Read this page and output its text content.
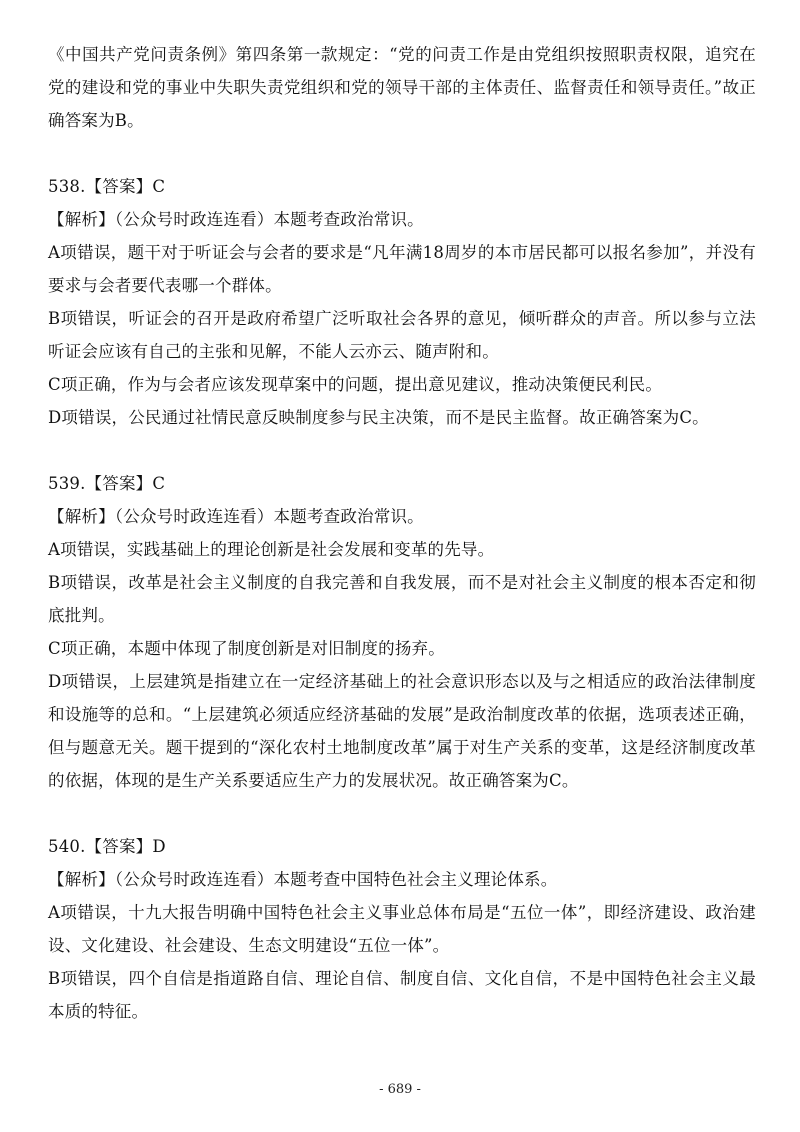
《中国共产党问责条例》第四条第一款规定：“党的问责工作是由党组织按照职责权限，追究在党的建设和党的事业中失职失责党组织和党的领导干部的主体责任、监督责任和领导责任。”故正确答案为B。

538.【答案】C

【解析】（公众号时政连连看）本题考查政治常识。

A项错误，题干对于听证会与会者的要求是“凡年满18周岁的本市居民都可以报名参加”，并没有要求与会者要代表哪一个群体。

B项错误，听证会的召开是政府希望广泛听取社会各界的意见，倾听群众的声音。所以参与立法听证会应该有自己的主张和见解，不能人云亦云、随声附和。

C项正确，作为与会者应该发现草案中的问题，提出意见建议，推动决策便民利民。

D项错误，公民通过社情民意反映制度参与民主决策，而不是民主监督。故正确答案为C。

539.【答案】C

【解析】（公众号时政连连看）本题考查政治常识。

A项错误，实践基础上的理论创新是社会发展和变革的先导。

B项错误，改革是社会主义制度的自我完善和自我发展，而不是对社会主义制度的根本否定和彻底批判。

C项正确，本题中体现了制度创新是对旧制度的扬弃。

D项错误，上层建筑是指建立在一定经济基础上的社会意识形态以及与之相适应的政治法律制度和设施等的总和。“上层建筑必须适应经济基础的发展”是政治制度改革的依据，选项表述正确，但与题意无关。题干提到的“深化农村土地制度改革”属于对生产关系的变革，这是经济制度改革的依据，体现的是生产关系要适应生产力的发展状况。故正确答案为C。

540.【答案】D

【解析】（公众号时政连连看）本题考查中国特色社会主义理论体系。

A项错误，十九大报告明确中国特色社会主义事业总体布局是“五位一体”，即经济建设、政治建设、文化建设、社会建设、生态文明建设“五位一体”。

B项错误，四个自信是指道路自信、理论自信、制度自信、文化自信，不是中国特色社会主义最本质的特征。

- 689 -
